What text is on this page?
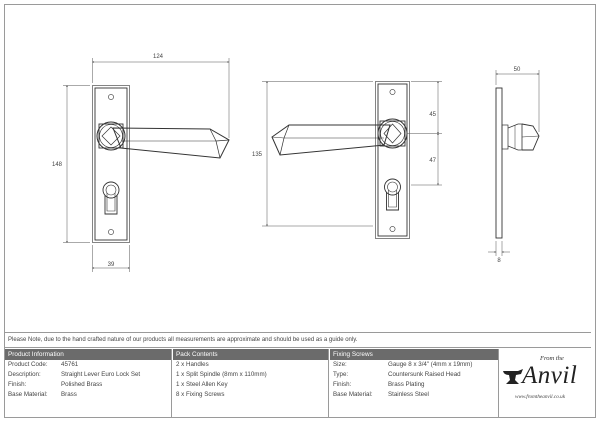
124
148
39
135
45
47
50
8
Please Note, due to the hand crafted nature of our products all measurements are approximate and should be used as a guide only.
Product Information
Product Code:	45761
Description:	Straight Lever Euro Lock Set
Finish:	Polished Brass
Base Material:	Brass
Pack Contents
2 x Handles
1 x Split Spindle (8mm x 110mm)
1 x Steel Allen Key
8 x Fixing Screws
Fixing Screws
Size:	Gauge 8 x 3/4" (4mm x 19mm)
Type:	Countersunk Raised Head
Finish:	Brass Plating
Base Material:	Stainless Steel
From the
Anvil
www.fromtheanvil.co.uk
